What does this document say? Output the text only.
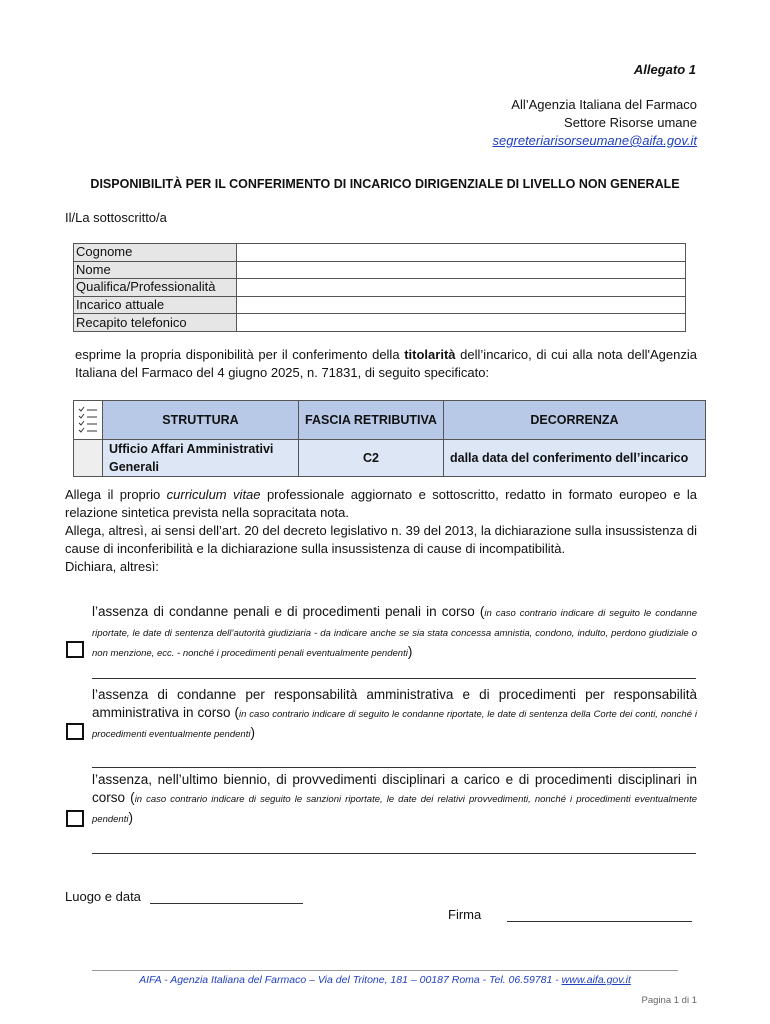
Allegato 1
All’Agenzia Italiana del Farmaco
Settore Risorse umane
segreteriarisorseumane@aifa.gov.it
DISPONIBILITÀ PER IL CONFERIMENTO DI INCARICO DIRIGENZIALE DI LIVELLO NON GENERALE
Il/La sottoscritto/a
Cognome	
Nome	
Qualifica/Professionalità	
Incarico attuale	
Recapito telefonico	
esprime la propria disponibilità per il conferimento della titolarità dell’incarico, di cui alla nota dell'Agenzia Italiana del Farmaco del 4 giugno 2025, n. 71831, di seguito specificato:
	STRUTTURA	FASCIA RETRIBUTIVA	DECORRENZA
	Ufficio Affari Amministrativi Generali	C2	dalla data del conferimento dell’incarico
Allega il proprio curriculum vitae professionale aggiornato e sottoscritto, redatto in formato europeo e la relazione sintetica prevista nella sopracitata nota.
Allega, altresì, ai sensi dell’art. 20 del decreto legislativo n. 39 del 2013, la dichiarazione sulla insussistenza di cause di inconferibilità e la dichiarazione sulla insussistenza di cause di incompatibilità.
Dichiara, altresì:
l’assenza di condanne penali e di procedimenti penali in corso (in caso contrario indicare di seguito le condanne riportate, le date di sentenza dell’autorità giudiziaria - da indicare anche se sia stata concessa amnistia, condono, indulto, perdono giudiziale o non menzione, ecc. - nonché i procedimenti penali eventualmente pendenti)
l’assenza di condanne per responsabilità amministrativa e di procedimenti per responsabilità amministrativa in corso (in caso contrario indicare di seguito le condanne riportate, le date di sentenza della Corte dei conti, nonché i procedimenti eventualmente pendenti)
l’assenza, nell’ultimo biennio, di provvedimenti disciplinari a carico e di procedimenti disciplinari in corso (in caso contrario indicare di seguito le sanzioni riportate, le date dei relativi provvedimenti, nonché i procedimenti eventualmente pendenti)
Luogo e data
Firma
AIFA - Agenzia Italiana del Farmaco – Via del Tritone, 181 – 00187 Roma - Tel. 06.59781 - www.aifa.gov.it
Pagina 1 di 1
